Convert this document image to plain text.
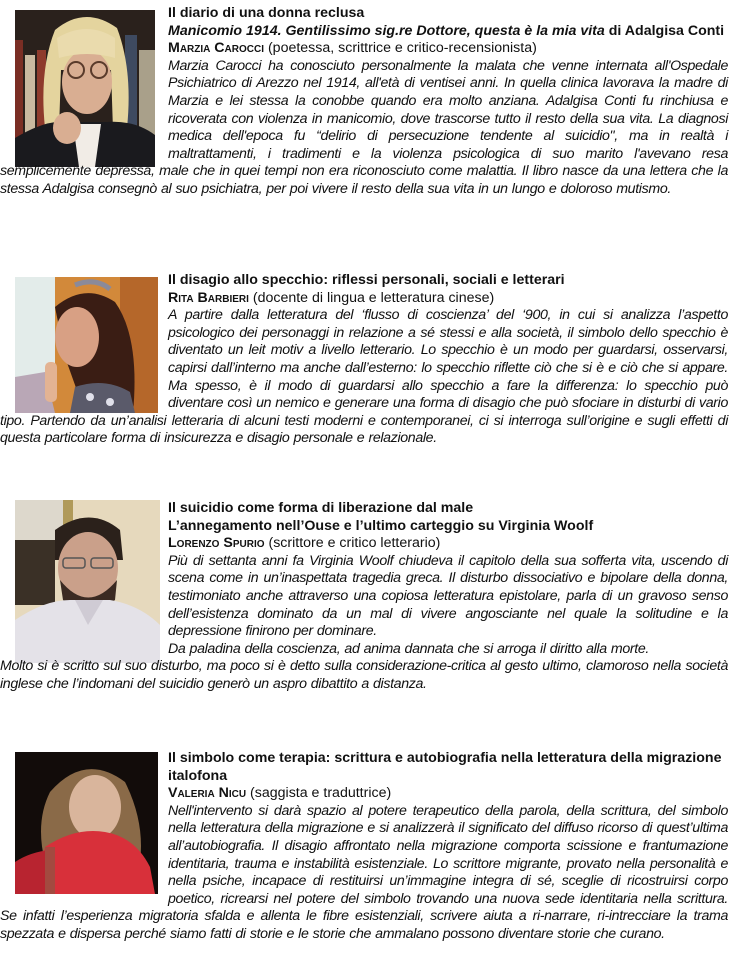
Il diario di una donna reclusa
Manicomio 1914. Gentilissimo sig.re Dottore, questa è la mia vita di Adalgisa Conti
Marzia Carocci (poetessa, scrittrice e critico-recensionista)

Marzia Carocci ha conosciuto personalmente la malata che venne internata all'Ospedale Psichiatrico di Arezzo nel 1914, all'età di ventisei anni. In quella clinica lavorava la madre di Marzia e lei stessa la conobbe quando era molto anziana. Adalgisa Conti fu rinchiusa e ricoverata con violenza in manicomio, dove trascorse tutto il resto della sua vita. La diagnosi medica dell'epoca fu “delirio di persecuzione tendente al suicidio", ma in realtà i maltrattamenti, i tradimenti e la violenza psicologica di suo marito l'avevano resa semplicemente depressa, male che in quei tempi non era riconosciuto come malattia. Il libro nasce da una lettera che la stessa Adalgisa consegnò al suo psichiatra, per poi vivere il resto della sua vita in un lungo e doloroso mutismo.

Il disagio allo specchio: riflessi personali, sociali e letterari
Rita Barbieri (docente di lingua e letteratura cinese)

A partire dalla letteratura del ‘flusso di coscienza’ del ‘900, in cui si analizza l’aspetto psicologico dei personaggi in relazione a sé stessi e alla società, il simbolo dello specchio è diventato un leit motiv a livello letterario. Lo specchio è un modo per guardarsi, osservarsi, capirsi dall’interno ma anche dall’esterno: lo specchio riflette ciò che si è e ciò che si appare. Ma spesso, è il modo di guardarsi allo specchio a fare la differenza: lo specchio può diventare così un nemico e generare una forma di disagio che può sfociare in disturbi di vario tipo. Partendo da un’analisi letteraria di alcuni testi moderni e contemporanei, ci si interroga sull’origine e sugli effetti di questa particolare forma di insicurezza e disagio personale e relazionale.

Il suicidio come forma di liberazione dal male
L’annegamento nell’Ouse e l’ultimo carteggio su Virginia Woolf
Lorenzo Spurio (scrittore e critico letterario)

Più di settanta anni fa Virginia Woolf chiudeva il capitolo della sua sofferta vita, uscendo di scena come in un’inaspettata tragedia greca. Il disturbo dissociativo e bipolare della donna, testimoniato anche attraverso una copiosa letteratura epistolare, parla di un gravoso senso dell’esistenza dominato da un mal di vivere angosciante nel quale la solitudine e la depressione finirono per dominare.

Da paladina della coscienza, ad anima dannata che si arroga il diritto alla morte.

Molto si è scritto sul suo disturbo, ma poco si è detto sulla considerazione-critica al gesto ultimo, clamoroso nella società inglese che l’indomani del suicidio generò un aspro dibattito a distanza.

Il simbolo come terapia: scrittura e autobiografia nella letteratura della migrazione italofona
Valeria Nicu (saggista e traduttrice)

Nell'intervento si darà spazio al potere terapeutico della parola, della scrittura, del simbolo nella letteratura della migrazione e si analizzerà il significato del diffuso ricorso di quest’ultima all’autobiografia. Il disagio affrontato nella migrazione comporta scissione e frantumazione identitaria, trauma e instabilità esistenziale. Lo scrittore migrante, provato nella personalità e nella psiche, incapace di restituirsi un’immagine integra di sé, sceglie di ricostruirsi corpo poetico, ricrearsi nel potere del simbolo trovando una nuova sede identitaria nella scrittura. Se infatti l’esperienza migratoria sfalda e allenta le fibre esistenziali, scrivere aiuta a ri-narrare, ri-intrecciare la trama spezzata e dispersa perché siamo fatti di storie e le storie che ammalano possono diventare storie che curano.
